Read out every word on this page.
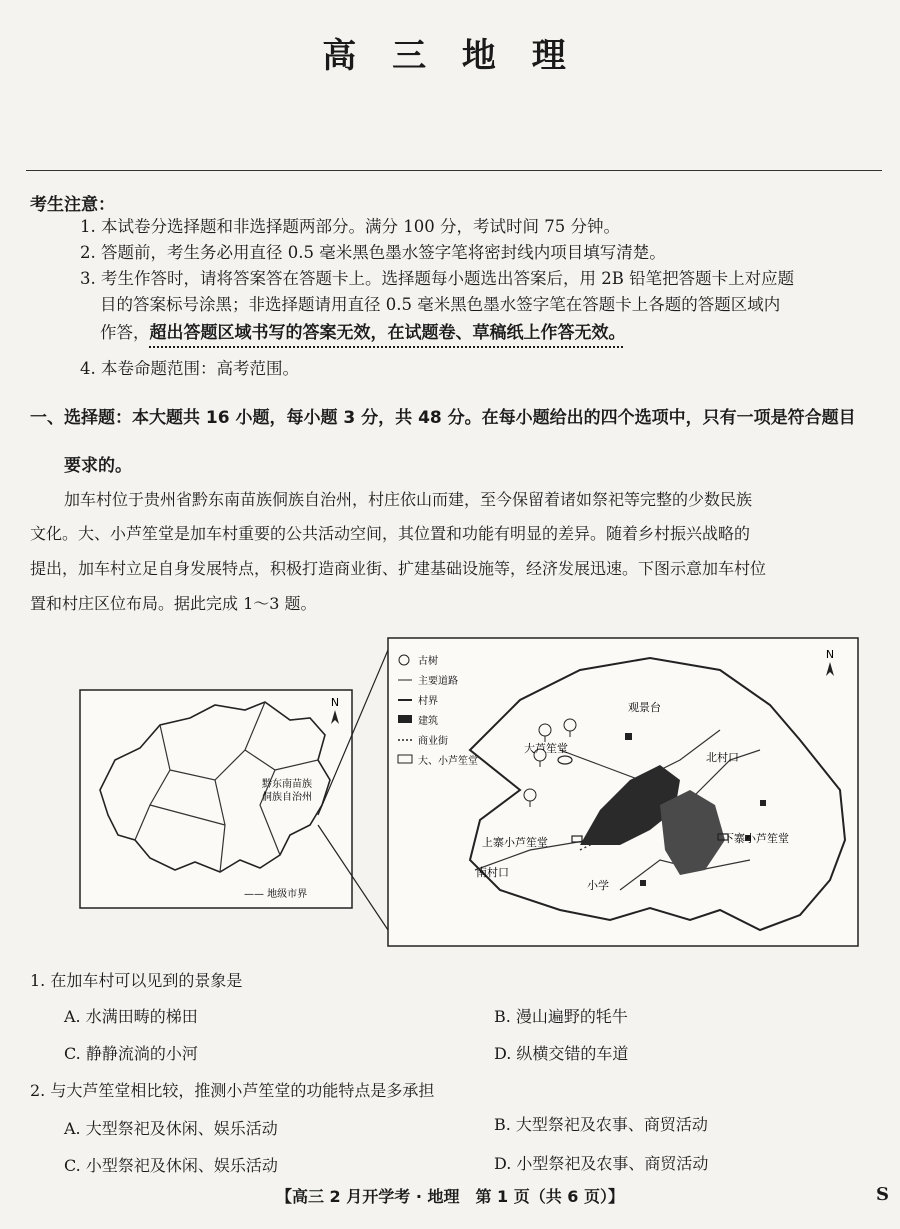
高 三 地 理
考生注意：
1. 本试卷分选择题和非选择题两部分。满分 100 分，考试时间 75 分钟。
2. 答题前，考生务必用直径 0.5 毫米黑色墨水签字笔将密封线内项目填写清楚。
3. 考生作答时，请将答案答在答题卡上。选择题每小题选出答案后，用 2B 铅笔把答题卡上对应题
目的答案标号涂黑；非选择题请用直径 0.5 毫米黑色墨水签字笔在答题卡上各题的答题区域内
作答，超出答题区域书写的答案无效，在试题卷、草稿纸上作答无效。
4. 本卷命题范围：高考范围。
一、选择题：本大题共 16 小题，每小题 3 分，共 48 分。在每小题给出的四个选项中，只有一项是符合题目
要求的。
加车村位于贵州省黔东南苗族侗族自治州，村庄依山而建，至今保留着诸如祭祀等完整的少数民族
文化。大、小芦笙堂是加车村重要的公共活动空间，其位置和功能有明显的差异。随着乡村振兴战略的
提出，加车村立足自身发展特点，积极打造商业街、扩建基础设施等，经济发展迅速。下图示意加车村位
置和村庄区位布局。据此完成 1～3 题。
N
黔东南苗族
侗族自治州
—— 地级市界
N
古树
主要道路
村界
建筑
商业街
大、小芦笙堂
观景台
北村口
大芦笙堂
上寨小芦笙堂	下寨小芦笙堂
南村口
小学
1. 在加车村可以见到的景象是
A. 水满田畴的梯田	B. 漫山遍野的牦牛
C. 静静流淌的小河	D. 纵横交错的车道
2. 与大芦笙堂相比较，推测小芦笙堂的功能特点是多承担
A. 大型祭祀及休闲、娱乐活动	B. 大型祭祀及农事、商贸活动
C. 小型祭祀及休闲、娱乐活动	D. 小型祭祀及农事、商贸活动
【高三 2 月开学考 · 地理　第 1 页（共 6 页）】	S
